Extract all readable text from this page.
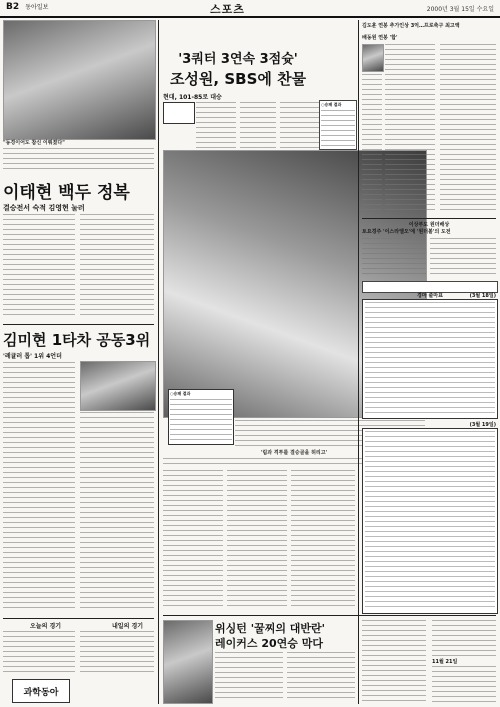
B2 동아일보	스포츠	2000년 3월 15일 수요일
"동경이어도 참신 이뤄졌다"
이태현 백두 정복
결승전서 숙적 김영현 눌러
김미현 1타차 공동3위
'레귤러 톱' 1위 4언더
오늘의 경기	내일의 경기
과학동아
'3쿼터 3연속 3점슛'
조성원, SBS에 찬물
현대, 101-85로 대승
○승패 결과
○승패 결과
'림과 격투를 결승골을 허리고'
위싱턴 '꿀찌의 대반란'
레이커스 20연승 막다
김도훈 연봉 추가인상 3억…프로축구 최고액
배동원 연봉 '합'
이상부도 원더배상
토요경주 '이스라엘오'에 '원더볼'의 도전
경마 출마표	(3월 18일)
(3월 19일)
11월 21일
